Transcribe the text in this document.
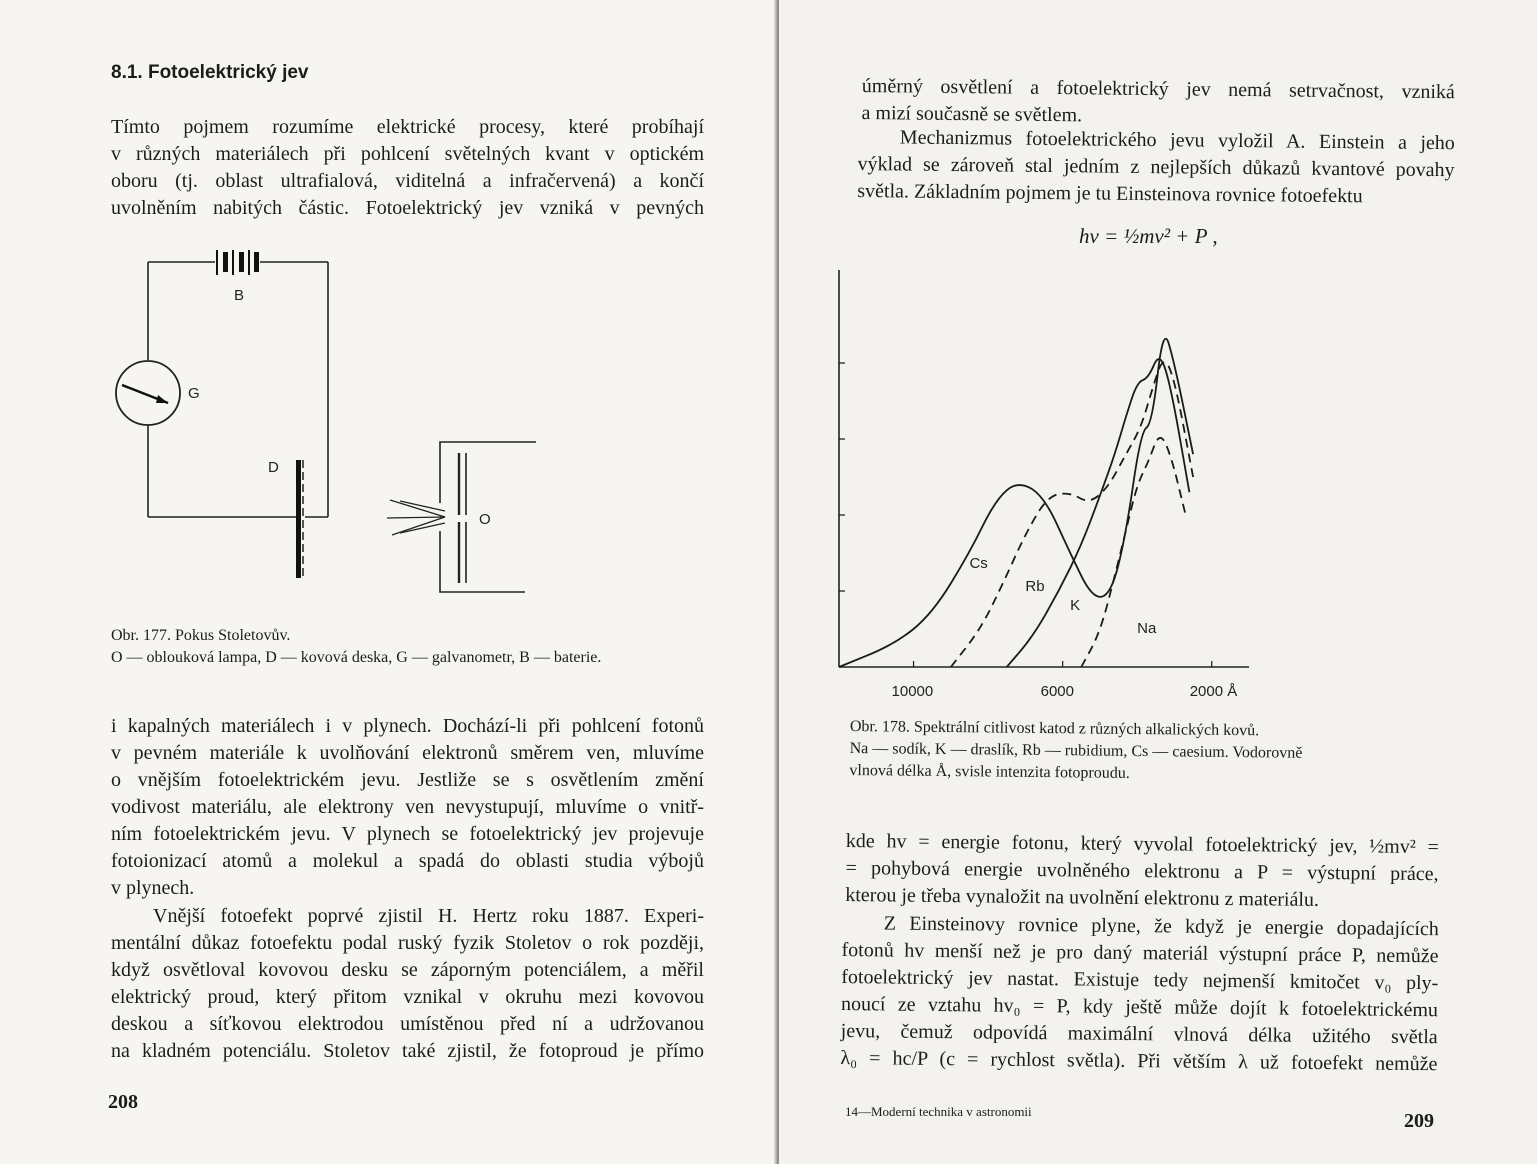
8.1. Fotoelektrický jev
Tímto pojmem rozumíme elektrické procesy, které probíhají
v různých materiálech při pohlcení světelných kvant v optickém
oboru (tj. oblast ultrafialová, viditelná a infračervená) a končí
uvolněním nabitých částic. Fotoelektrický jev vzniká v pevných
B
G
D
O
Obr. 177. Pokus Stoletovův.
O — oblouková lampa, D — kovová deska, G — galvanometr, B — baterie.
i kapalných materiálech i v plynech. Dochází-li při pohlcení fotonů
v pevném materiále k uvolňování elektronů směrem ven, mluvíme
o vnějším fotoelektrickém jevu. Jestliže se s osvětlením změní
vodivost materiálu, ale elektrony ven nevystupují, mluvíme o vnitř-
ním fotoelektrickém jevu. V plynech se fotoelektrický jev projevuje
fotoionizací atomů a molekul a spadá do oblasti studia výbojů
v plynech.
Vnější fotoefekt poprvé zjistil H. Hertz roku 1887. Experi-
mentální důkaz fotoefektu podal ruský fyzik Stoletov o rok později,
když osvětloval kovovou desku se záporným potenciálem, a měřil
elektrický proud, který přitom vznikal v okruhu mezi kovovou
deskou a síťkovou elektrodou umístěnou před ní a udržovanou
na kladném potenciálu. Stoletov také zjistil, že fotoproud je přímo
208
úměrný osvětlení a fotoelektrický jev nemá setrvačnost, vzniká
a mizí současně se světlem.
Mechanizmus fotoelektrického jevu vyložil A. Einstein a jeho
výklad se zároveň stal jedním z nejlepších důkazů kvantové povahy
světla. Základním pojmem je tu Einsteinova rovnice fotoefektu
hv = ½mv² + P ,
10000	6000	2000 Å
Cs
Rb
K
Na
Obr. 178. Spektrální citlivost katod z různých alkalických kovů.
Na — sodík, K — draslík, Rb — rubidium, Cs — caesium. Vodorovně
vlnová délka Å, svisle intenzita fotoproudu.
kde hv = energie fotonu, který vyvolal fotoelektrický jev, ½mv² =
= pohybová energie uvolněného elektronu a P = výstupní práce,
kterou je třeba vynaložit na uvolnění elektronu z materiálu.
Z Einsteinovy rovnice plyne, že když je energie dopadajících
fotonů hv menší než je pro daný materiál výstupní práce P, nemůže
fotoelektrický jev nastat. Existuje tedy nejmenší kmitočet v₀ ply-
noucí ze vztahu hv₀ = P, kdy ještě může dojít k fotoelektrickému
jevu, čemuž odpovídá maximální vlnová délka užitého světla
λ₀ = hc/P (c = rychlost světla). Při větším λ už fotoefekt nemůže
14—Moderní technika v astronomii	209
